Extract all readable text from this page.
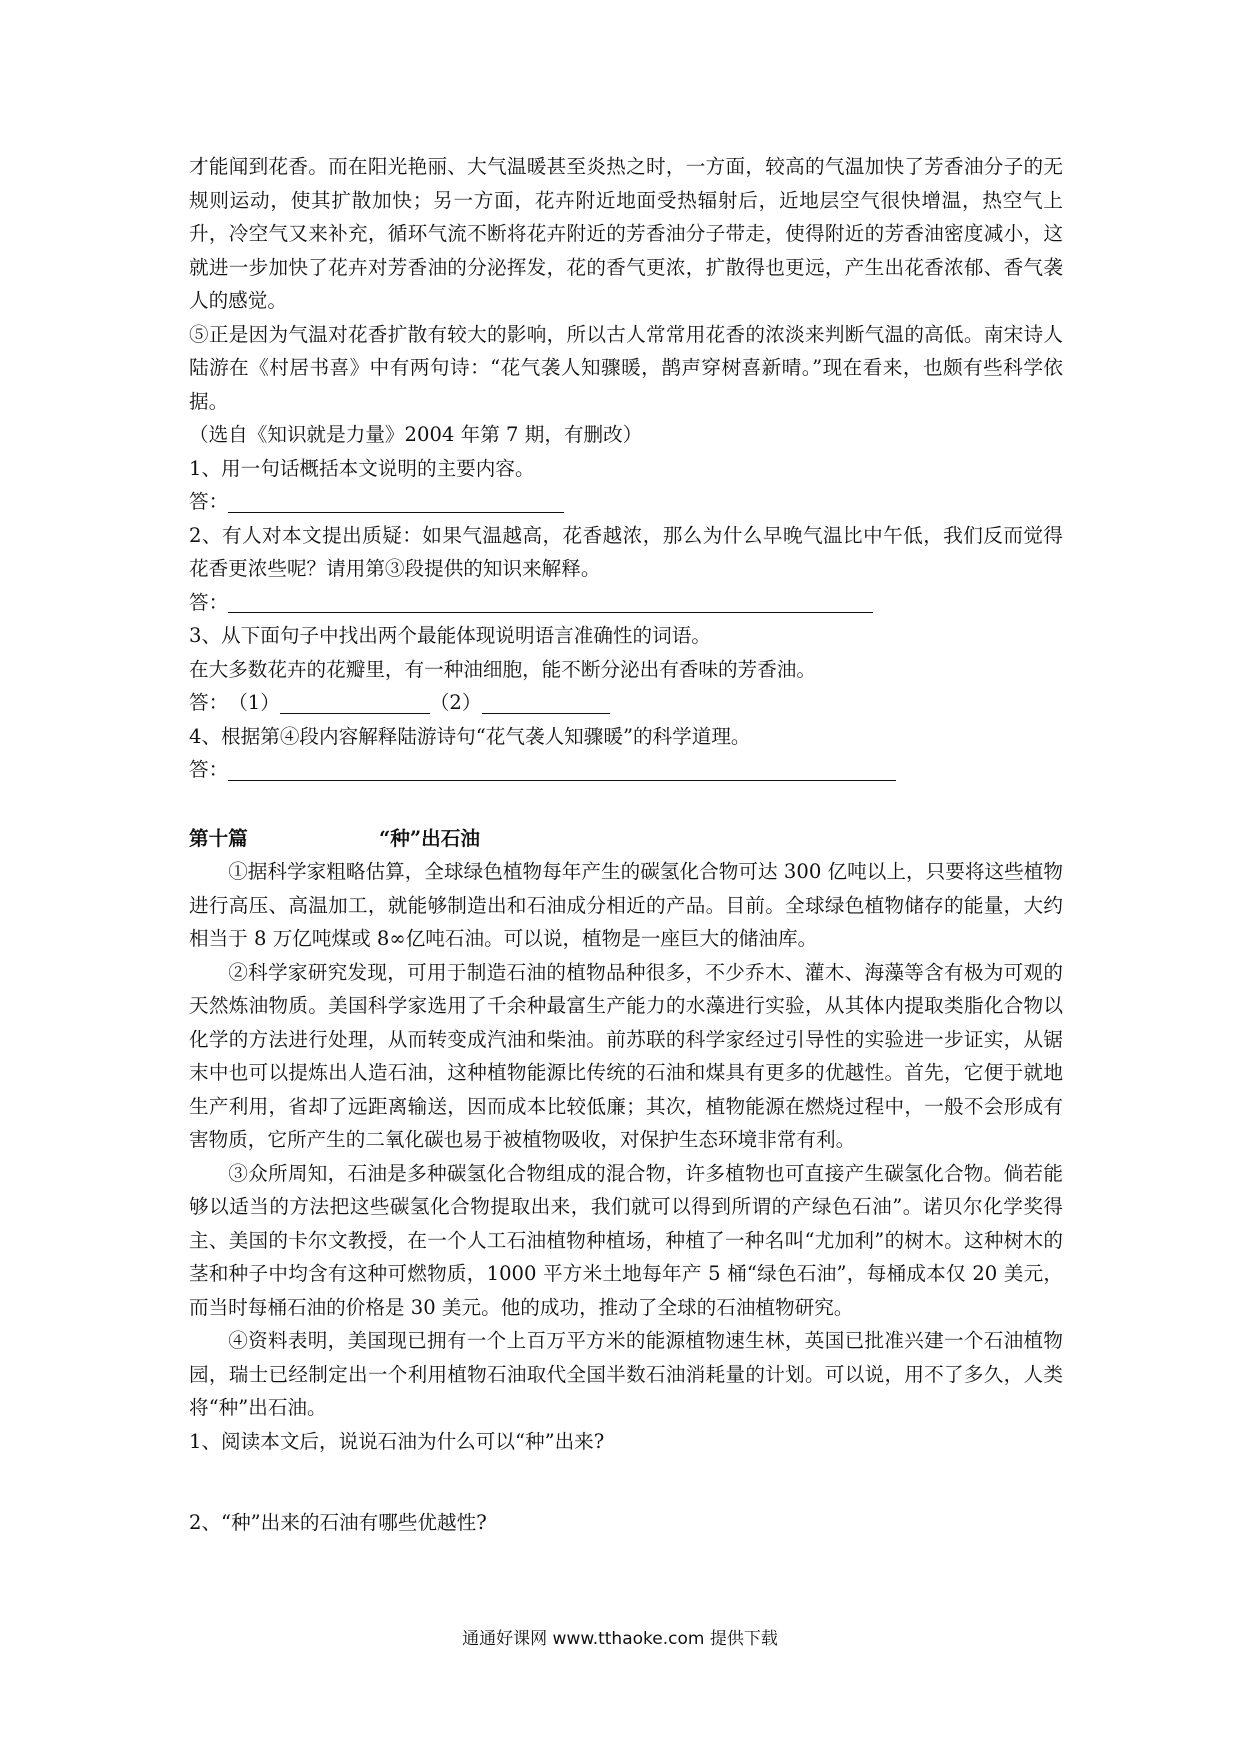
才能闻到花香。而在阳光艳丽、大气温暖甚至炎热之时，一方面，较高的气温加快了芳香油分子的无规则运动，使其扩散加快；另一方面，花卉附近地面受热辐射后，近地层空气很快增温，热空气上升，冷空气又来补充，循环气流不断将花卉附近的芳香油分子带走，使得附近的芳香油密度减小，这就进一步加快了花卉对芳香油的分泌挥发，花的香气更浓，扩散得也更远，产生出花香浓郁、香气袭人的感觉。

⑤正是因为气温对花香扩散有较大的影响，所以古人常常用花香的浓淡来判断气温的高低。南宋诗人陆游在《村居书喜》中有两句诗：“花气袭人知骤暖，鹊声穿树喜新晴。”现在看来，也颇有些科学依据。

（选自《知识就是力量》2004 年第 7 期，有删改）

1、用一句话概括本文说明的主要内容。

答：

2、有人对本文提出质疑：如果气温越高，花香越浓，那么为什么早晚气温比中午低，我们反而觉得花香更浓些呢？请用第③段提供的知识来解释。

答：

3、从下面句子中找出两个最能体现说明语言准确性的词语。

在大多数花卉的花瓣里，有一种油细胞，能不断分泌出有香味的芳香油。

答： （1）	（2）

4、根据第④段内容解释陆游诗句“花气袭人知骤暖”的科学道理。

答：
第十篇	“种”出石油

①据科学家粗略估算，全球绿色植物每年产生的碳氢化合物可达 300 亿吨以上，只要将这些植物进行高压、高温加工，就能够制造出和石油成分相近的产品。目前。全球绿色植物储存的能量，大约相当于 8 万亿吨煤或 8∞亿吨石油。可以说，植物是一座巨大的储油库。

②科学家研究发现，可用于制造石油的植物品种很多，不少乔木、灌木、海藻等含有极为可观的天然炼油物质。美国科学家选用了千余种最富生产能力的水藻进行实验，从其体内提取类脂化合物以化学的方法进行处理，从而转变成汽油和柴油。前苏联的科学家经过引导性的实验进一步证实，从锯末中也可以提炼出人造石油，这种植物能源比传统的石油和煤具有更多的优越性。首先，它便于就地生产利用，省却了远距离输送，因而成本比较低廉；其次，植物能源在燃烧过程中，一般不会形成有害物质，它所产生的二氧化碳也易于被植物吸收，对保护生态环境非常有利。

③众所周知，石油是多种碳氢化合物组成的混合物，许多植物也可直接产生碳氢化合物。倘若能够以适当的方法把这些碳氢化合物提取出来，我们就可以得到所谓的产绿色石油”。诺贝尔化学奖得主、美国的卡尔文教授，在一个人工石油植物种植场，种植了一种名叫“尤加利”的树木。这种树木的茎和种子中均含有这种可燃物质，1000 平方米土地每年产 5 桶“绿色石油”，每桶成本仅 20 美元，而当时每桶石油的价格是 30 美元。他的成功，推动了全球的石油植物研究。

④资料表明，美国现已拥有一个上百万平方米的能源植物速生林，英国已批准兴建一个石油植物园，瑞士已经制定出一个利用植物石油取代全国半数石油消耗量的计划。可以说，用不了多久，人类将“种”出石油。

1、阅读本文后，说说石油为什么可以“种”出来?

2、“种”出来的石油有哪些优越性?

通通好课网 www.tthaoke.com 提供下载
